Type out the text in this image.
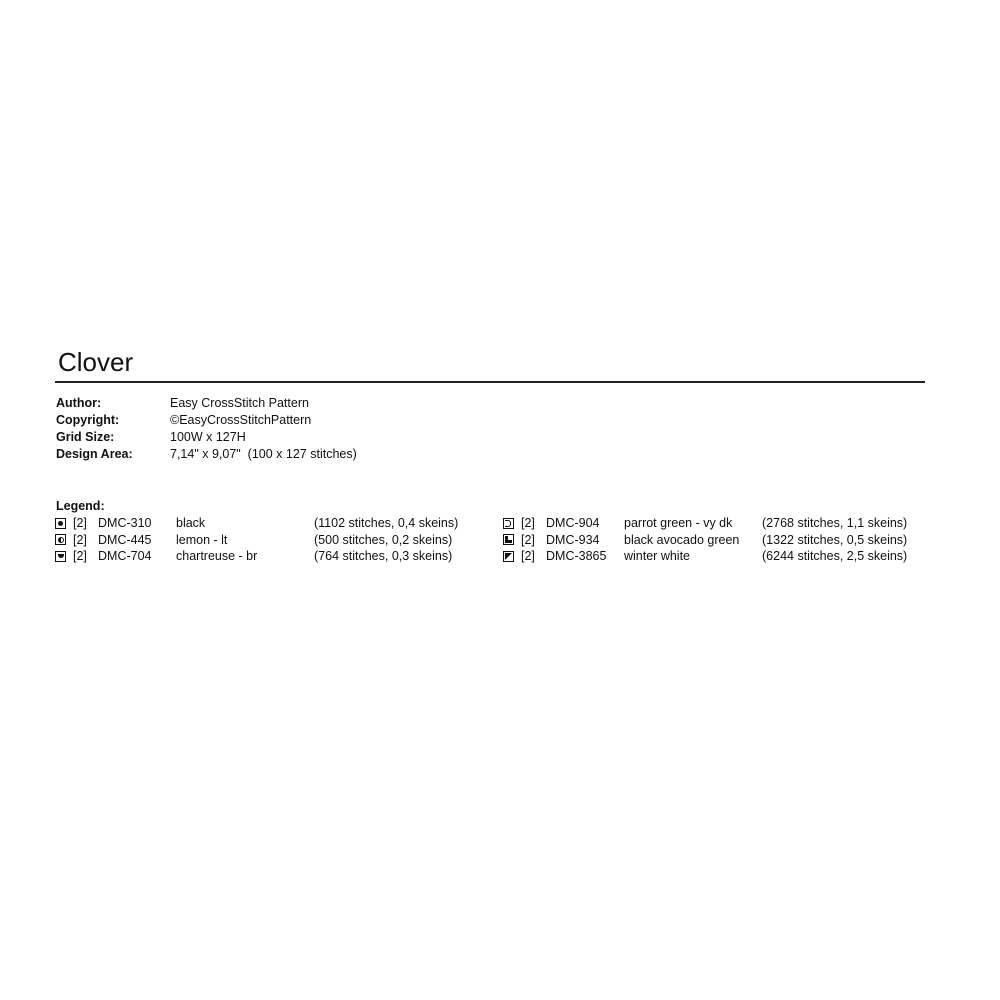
Clover
Author:	Easy CrossStitch Pattern
Copyright:	©EasyCrossStitchPattern
Grid Size:	100W x 127H
Design Area:	7,14" x 9,07"  (100 x 127 stitches)
Legend:
[2] DMC-310	black	(1102 stitches, 0,4 skeins)
[2] DMC-445	lemon - lt	(500 stitches, 0,2 skeins)
[2] DMC-704	chartreuse - br	(764 stitches, 0,3 skeins)
[2] DMC-904	parrot green - vy dk	(2768 stitches, 1,1 skeins)
[2] DMC-934	black avocado green	(1322 stitches, 0,5 skeins)
[2] DMC-3865	winter white	(6244 stitches, 2,5 skeins)
